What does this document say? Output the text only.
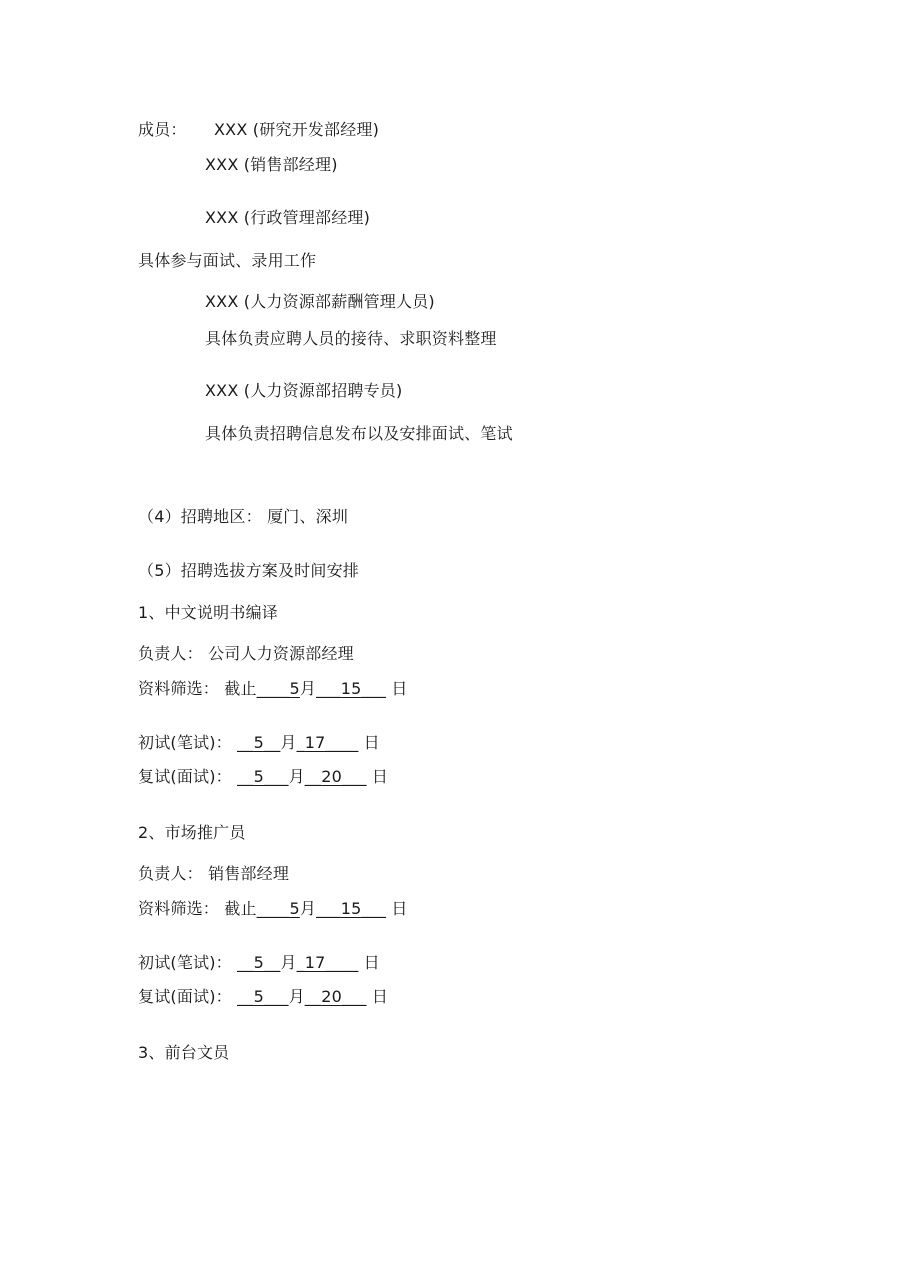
成员： XXX (研究开发部经理)
XXX (销售部经理)
XXX (行政管理部经理)
具体参与面试、录用工作
XXX (人力资源部薪酬管理人员)
具体负责应聘人员的接待、求职资料整理
XXX (人力资源部招聘专员)
具体负责招聘信息发布以及安排面试、笔试
（4）招聘地区： 厦门、深圳
（5）招聘选拔方案及时间安排
1、中文说明书编译
负责人： 公司人力资源部经理
资料筛选： 截止____5月___15___ 日
初试(笔试)： __5__月_17____ 日
复试(面试)： __5___月__20___ 日
2、市场推广员
负责人： 销售部经理
资料筛选： 截止____5月___15___ 日
初试(笔试)： __5__月_17____ 日
复试(面试)： __5___月__20___ 日
3、前台文员
